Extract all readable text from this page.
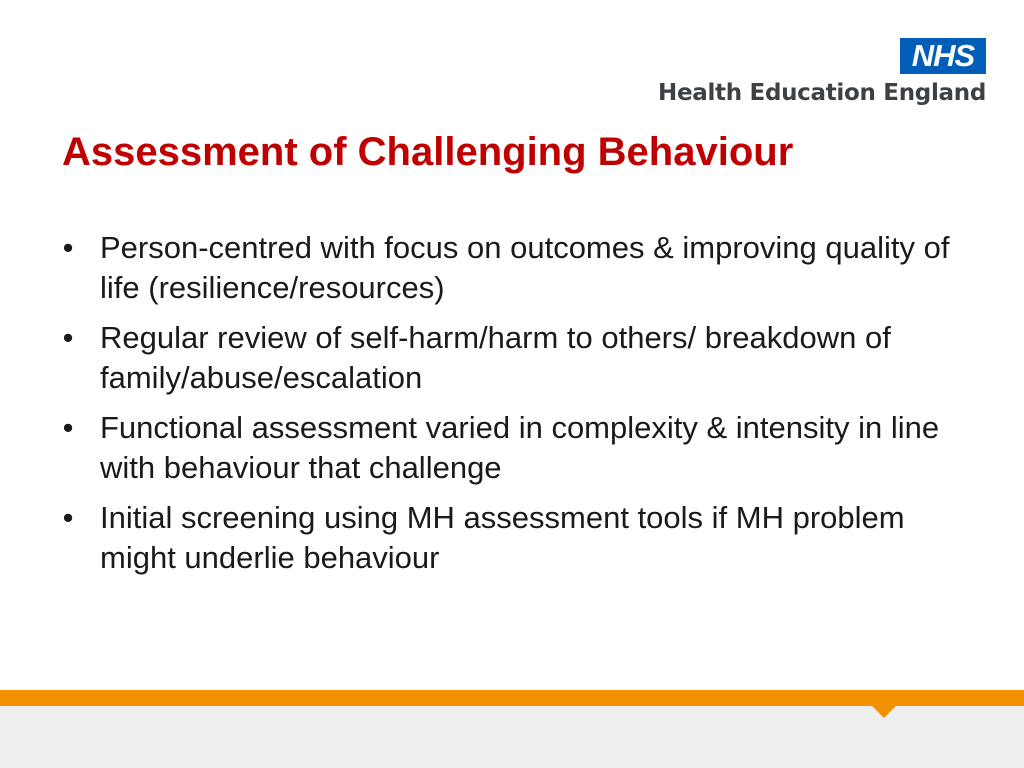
NHS
Health Education England
Assessment of Challenging Behaviour
• Person-centred with focus on outcomes & improving quality of life (resilience/resources)
• Regular review of self-harm/harm to others/ breakdown of family/abuse/escalation
• Functional assessment varied in complexity & intensity in line with behaviour that challenge
• Initial screening using MH assessment tools if MH problem might underlie behaviour
